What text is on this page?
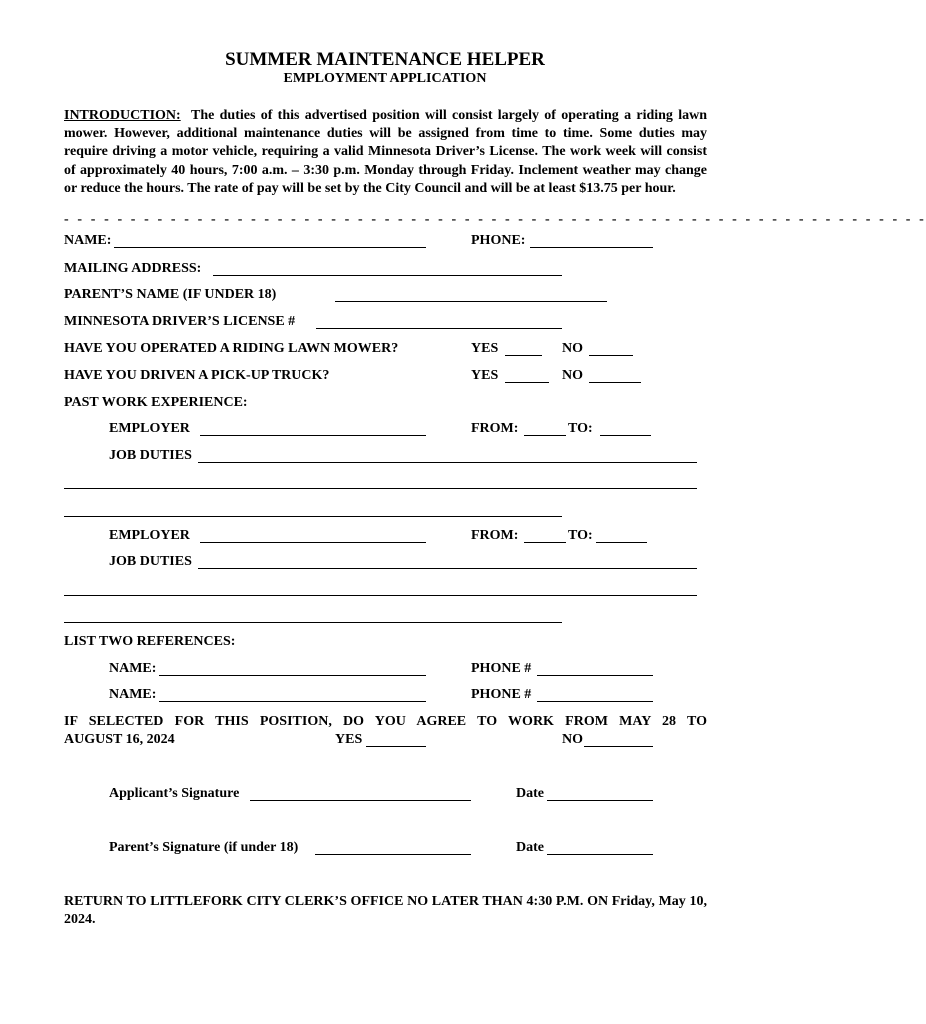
SUMMER MAINTENANCE HELPER
EMPLOYMENT APPLICATION
INTRODUCTION: The duties of this advertised position will consist largely of operating a riding lawn mower. However, additional maintenance duties will be assigned from time to time. Some duties may require driving a motor vehicle, requiring a valid Minnesota Driver’s License. The work week will consist of approximately 40 hours, 7:00 a.m. – 3:30 p.m. Monday through Friday. Inclement weather may change or reduce the hours. The rate of pay will be set by the City Council and will be at least $13.75 per hour.
- - - - - - - - - - - - - - - - - - - - - - - - - - - - - - - - - - - - - - - - - - - - - - - - - - - - - - - - - - - - - - - - -
NAME:	PHONE:
MAILING ADDRESS:
PARENT’S NAME (IF UNDER 18)
MINNESOTA DRIVER’S LICENSE #
HAVE YOU OPERATED A RIDING LAWN MOWER?	YES	NO
HAVE YOU DRIVEN A PICK-UP TRUCK?	YES	NO
PAST WORK EXPERIENCE:
EMPLOYER	FROM:	TO:
JOB DUTIES
EMPLOYER	FROM:	TO:
JOB DUTIES
LIST TWO REFERENCES:
NAME:	PHONE #
NAME:	PHONE #
IF SELECTED FOR THIS POSITION, DO YOU AGREE TO WORK FROM MAY 28 TO
AUGUST 16, 2024	YES	NO
Applicant’s Signature	Date
Parent’s Signature (if under 18)	Date
RETURN TO LITTLEFORK CITY CLERK’S OFFICE NO LATER THAN 4:30 P.M. ON Friday, May 10, 2024.
